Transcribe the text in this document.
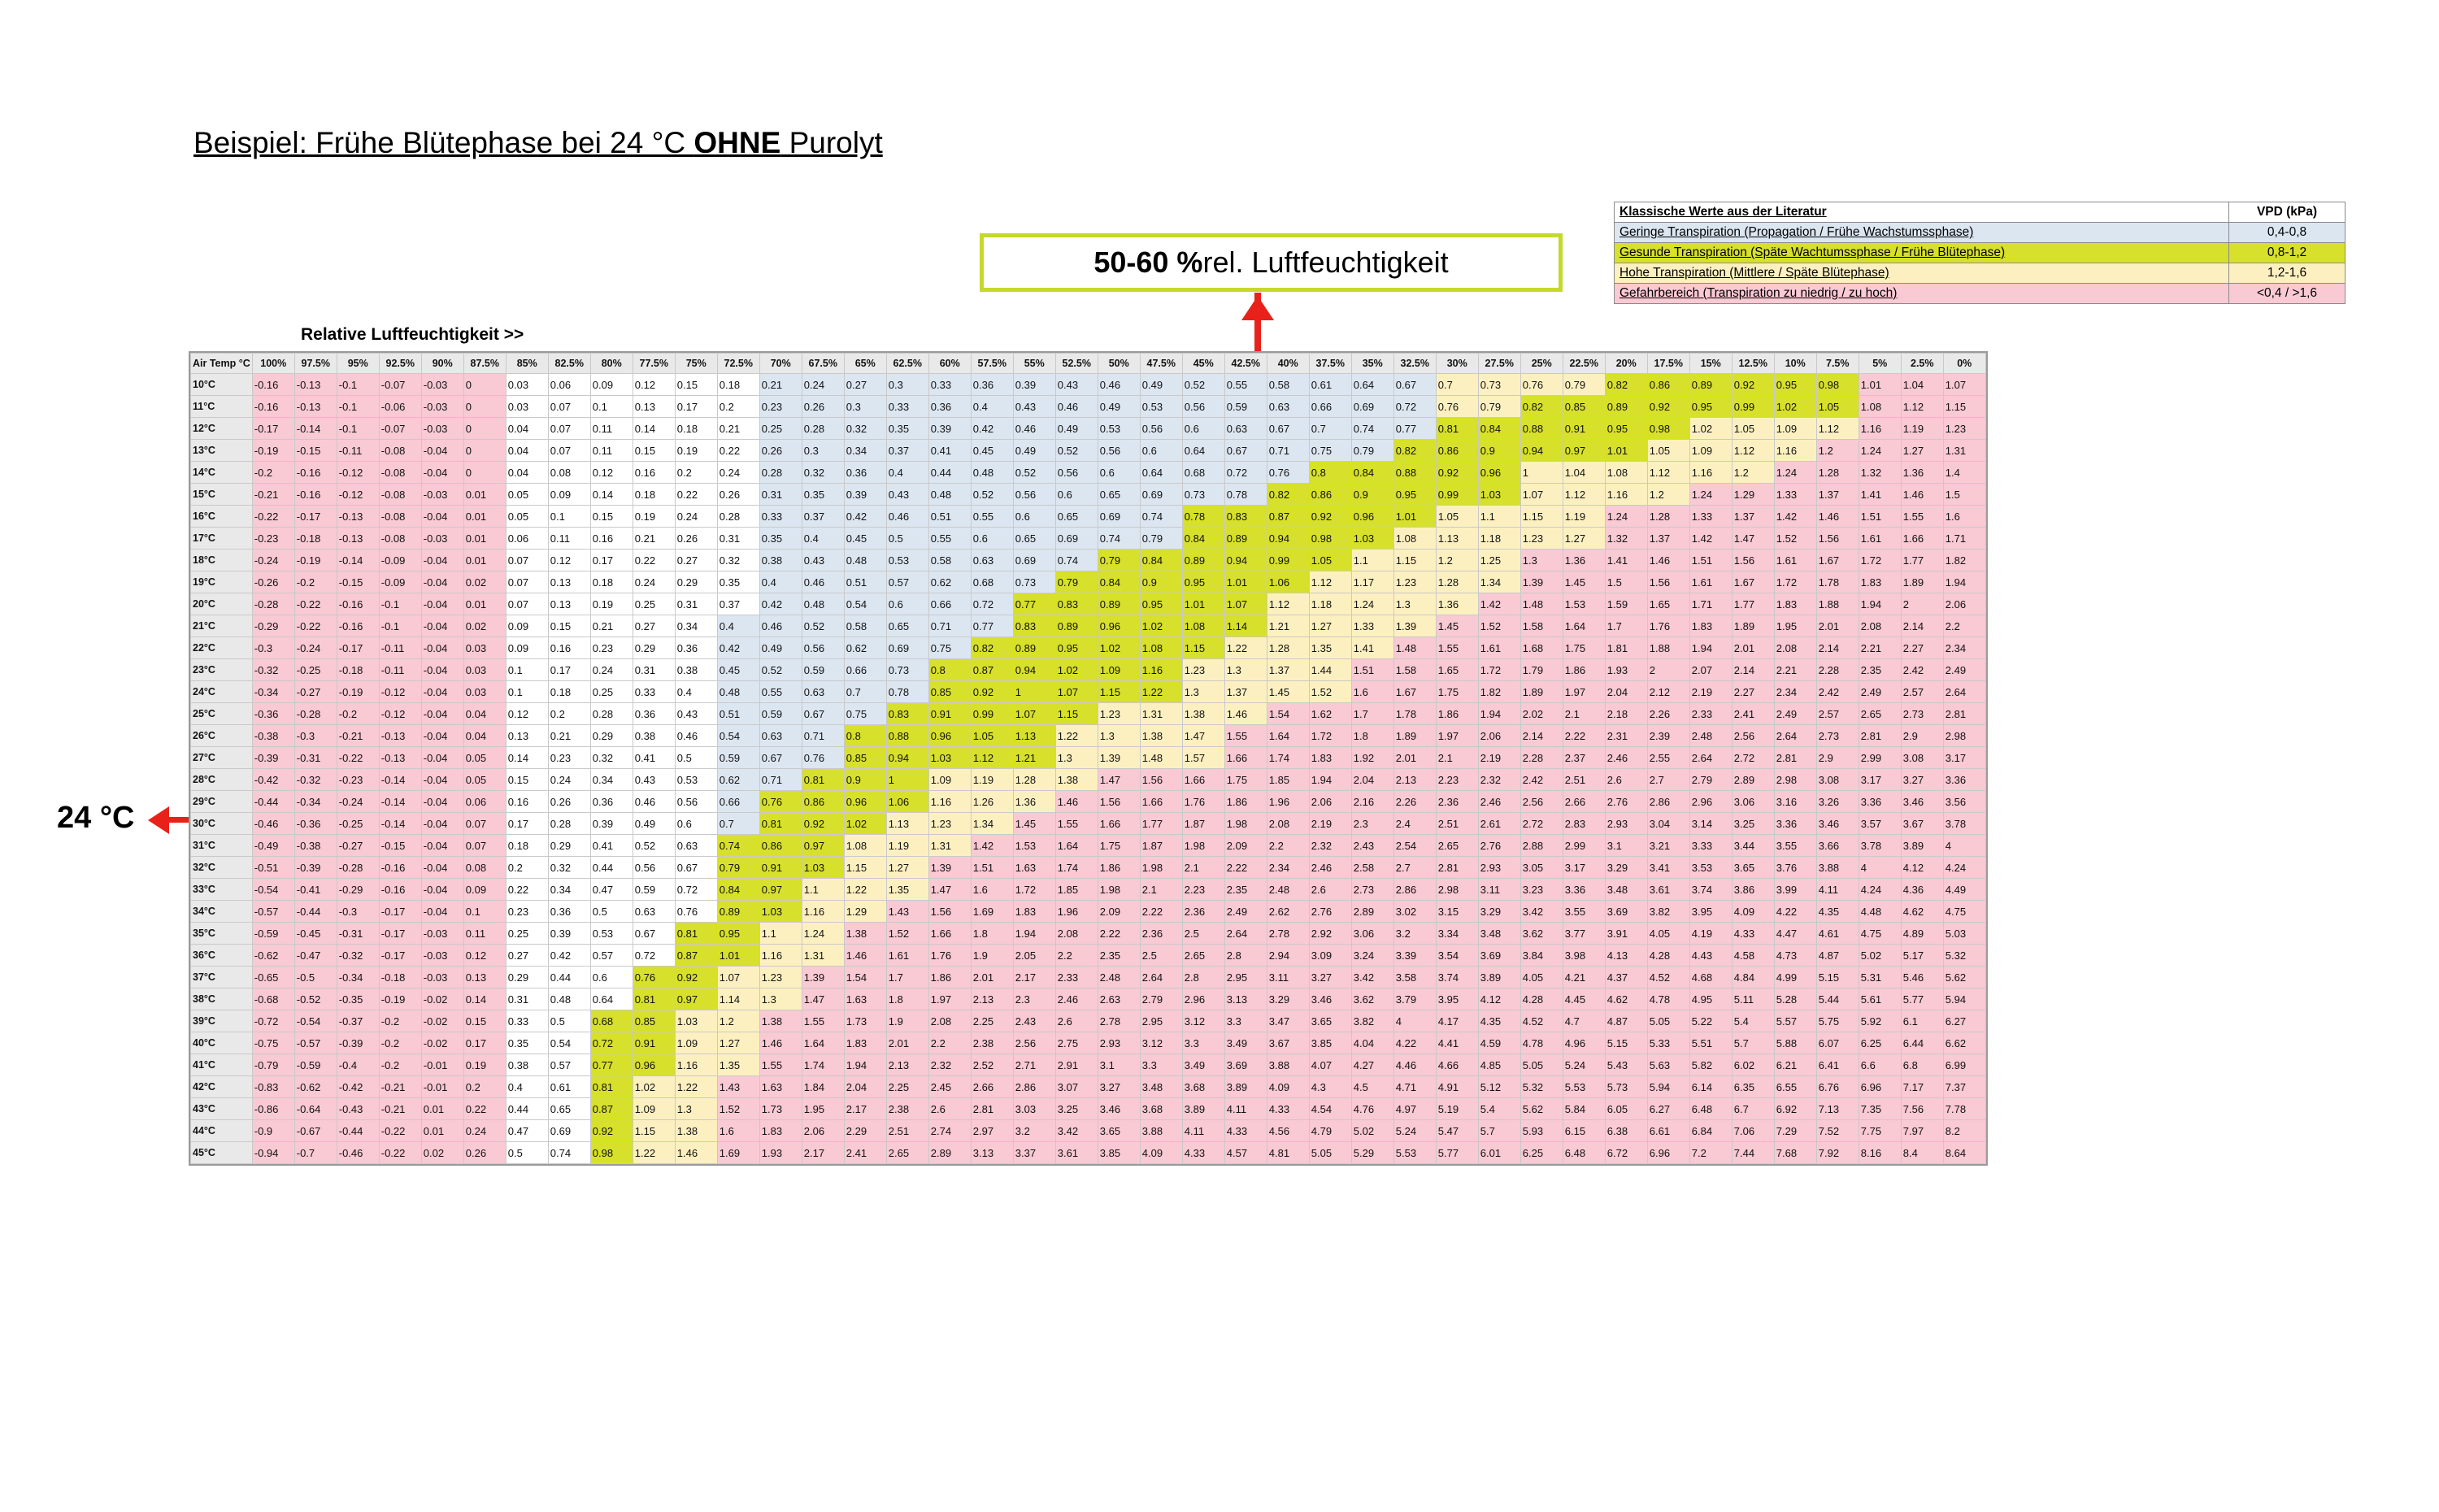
Beispiel: Frühe Blütephase bei 24 °C OHNE Purolyt
50-60 % rel. Luftfeuchtigkeit
24 °C
Klassische Werte aus der Literatur	VPD (kPa)
Geringe Transpiration (Propagation / Frühe Wachstumssphase)	0,4-0,8
Gesunde Transpiration (Späte Wachtumssphase / Frühe Blütephase)	0,8-1,2
Hohe Transpiration (Mittlere / Späte Blütephase)	1,2-1,6
Gefahrbereich (Transpiration zu niedrig / zu hoch)	<0,4 / >1,6
Relative Luftfeuchtigkeit >>
Air Temp °C	100%	97.5%	95%	92.5%	90%	87.5%	85%	82.5%	80%	77.5%	75%	72.5%	70%	67.5%	65%	62.5%	60%	57.5%	55%	52.5%	50%	47.5%	45%	42.5%	40%	37.5%	35%	32.5%	30%	27.5%	25%	22.5%	20%	17.5%	15%	12.5%	10%	7.5%	5%	2.5%	0%
10°C	-0.16	-0.13	-0.1	-0.07	-0.03	0	0.03	0.06	0.09	0.12	0.15	0.18	0.21	0.24	0.27	0.3	0.33	0.36	0.39	0.43	0.46	0.49	0.52	0.55	0.58	0.61	0.64	0.67	0.7	0.73	0.76	0.79	0.82	0.86	0.89	0.92	0.95	0.98	1.01	1.04	1.07
11°C	-0.16	-0.13	-0.1	-0.06	-0.03	0	0.03	0.07	0.1	0.13	0.17	0.2	0.23	0.26	0.3	0.33	0.36	0.4	0.43	0.46	0.49	0.53	0.56	0.59	0.63	0.66	0.69	0.72	0.76	0.79	0.82	0.85	0.89	0.92	0.95	0.99	1.02	1.05	1.08	1.12	1.15
12°C	-0.17	-0.14	-0.1	-0.07	-0.03	0	0.04	0.07	0.11	0.14	0.18	0.21	0.25	0.28	0.32	0.35	0.39	0.42	0.46	0.49	0.53	0.56	0.6	0.63	0.67	0.7	0.74	0.77	0.81	0.84	0.88	0.91	0.95	0.98	1.02	1.05	1.09	1.12	1.16	1.19	1.23
13°C	-0.19	-0.15	-0.11	-0.08	-0.04	0	0.04	0.07	0.11	0.15	0.19	0.22	0.26	0.3	0.34	0.37	0.41	0.45	0.49	0.52	0.56	0.6	0.64	0.67	0.71	0.75	0.79	0.82	0.86	0.9	0.94	0.97	1.01	1.05	1.09	1.12	1.16	1.2	1.24	1.27	1.31
14°C	-0.2	-0.16	-0.12	-0.08	-0.04	0	0.04	0.08	0.12	0.16	0.2	0.24	0.28	0.32	0.36	0.4	0.44	0.48	0.52	0.56	0.6	0.64	0.68	0.72	0.76	0.8	0.84	0.88	0.92	0.96	1	1.04	1.08	1.12	1.16	1.2	1.24	1.28	1.32	1.36	1.4
15°C	-0.21	-0.16	-0.12	-0.08	-0.03	0.01	0.05	0.09	0.14	0.18	0.22	0.26	0.31	0.35	0.39	0.43	0.48	0.52	0.56	0.6	0.65	0.69	0.73	0.78	0.82	0.86	0.9	0.95	0.99	1.03	1.07	1.12	1.16	1.2	1.24	1.29	1.33	1.37	1.41	1.46	1.5
16°C	-0.22	-0.17	-0.13	-0.08	-0.04	0.01	0.05	0.1	0.15	0.19	0.24	0.28	0.33	0.37	0.42	0.46	0.51	0.55	0.6	0.65	0.69	0.74	0.78	0.83	0.87	0.92	0.96	1.01	1.05	1.1	1.15	1.19	1.24	1.28	1.33	1.37	1.42	1.46	1.51	1.55	1.6
17°C	-0.23	-0.18	-0.13	-0.08	-0.03	0.01	0.06	0.11	0.16	0.21	0.26	0.31	0.35	0.4	0.45	0.5	0.55	0.6	0.65	0.69	0.74	0.79	0.84	0.89	0.94	0.98	1.03	1.08	1.13	1.18	1.23	1.27	1.32	1.37	1.42	1.47	1.52	1.56	1.61	1.66	1.71
18°C	-0.24	-0.19	-0.14	-0.09	-0.04	0.01	0.07	0.12	0.17	0.22	0.27	0.32	0.38	0.43	0.48	0.53	0.58	0.63	0.69	0.74	0.79	0.84	0.89	0.94	0.99	1.05	1.1	1.15	1.2	1.25	1.3	1.36	1.41	1.46	1.51	1.56	1.61	1.67	1.72	1.77	1.82
19°C	-0.26	-0.2	-0.15	-0.09	-0.04	0.02	0.07	0.13	0.18	0.24	0.29	0.35	0.4	0.46	0.51	0.57	0.62	0.68	0.73	0.79	0.84	0.9	0.95	1.01	1.06	1.12	1.17	1.23	1.28	1.34	1.39	1.45	1.5	1.56	1.61	1.67	1.72	1.78	1.83	1.89	1.94
20°C	-0.28	-0.22	-0.16	-0.1	-0.04	0.01	0.07	0.13	0.19	0.25	0.31	0.37	0.42	0.48	0.54	0.6	0.66	0.72	0.77	0.83	0.89	0.95	1.01	1.07	1.12	1.18	1.24	1.3	1.36	1.42	1.48	1.53	1.59	1.65	1.71	1.77	1.83	1.88	1.94	2	2.06
21°C	-0.29	-0.22	-0.16	-0.1	-0.04	0.02	0.09	0.15	0.21	0.27	0.34	0.4	0.46	0.52	0.58	0.65	0.71	0.77	0.83	0.89	0.96	1.02	1.08	1.14	1.21	1.27	1.33	1.39	1.45	1.52	1.58	1.64	1.7	1.76	1.83	1.89	1.95	2.01	2.08	2.14	2.2
22°C	-0.3	-0.24	-0.17	-0.11	-0.04	0.03	0.09	0.16	0.23	0.29	0.36	0.42	0.49	0.56	0.62	0.69	0.75	0.82	0.89	0.95	1.02	1.08	1.15	1.22	1.28	1.35	1.41	1.48	1.55	1.61	1.68	1.75	1.81	1.88	1.94	2.01	2.08	2.14	2.21	2.27	2.34
23°C	-0.32	-0.25	-0.18	-0.11	-0.04	0.03	0.1	0.17	0.24	0.31	0.38	0.45	0.52	0.59	0.66	0.73	0.8	0.87	0.94	1.02	1.09	1.16	1.23	1.3	1.37	1.44	1.51	1.58	1.65	1.72	1.79	1.86	1.93	2	2.07	2.14	2.21	2.28	2.35	2.42	2.49
24°C	-0.34	-0.27	-0.19	-0.12	-0.04	0.03	0.1	0.18	0.25	0.33	0.4	0.48	0.55	0.63	0.7	0.78	0.85	0.92	1	1.07	1.15	1.22	1.3	1.37	1.45	1.52	1.6	1.67	1.75	1.82	1.89	1.97	2.04	2.12	2.19	2.27	2.34	2.42	2.49	2.57	2.64
25°C	-0.36	-0.28	-0.2	-0.12	-0.04	0.04	0.12	0.2	0.28	0.36	0.43	0.51	0.59	0.67	0.75	0.83	0.91	0.99	1.07	1.15	1.23	1.31	1.38	1.46	1.54	1.62	1.7	1.78	1.86	1.94	2.02	2.1	2.18	2.26	2.33	2.41	2.49	2.57	2.65	2.73	2.81
26°C	-0.38	-0.3	-0.21	-0.13	-0.04	0.04	0.13	0.21	0.29	0.38	0.46	0.54	0.63	0.71	0.8	0.88	0.96	1.05	1.13	1.22	1.3	1.38	1.47	1.55	1.64	1.72	1.8	1.89	1.97	2.06	2.14	2.22	2.31	2.39	2.48	2.56	2.64	2.73	2.81	2.9	2.98
27°C	-0.39	-0.31	-0.22	-0.13	-0.04	0.05	0.14	0.23	0.32	0.41	0.5	0.59	0.67	0.76	0.85	0.94	1.03	1.12	1.21	1.3	1.39	1.48	1.57	1.66	1.74	1.83	1.92	2.01	2.1	2.19	2.28	2.37	2.46	2.55	2.64	2.72	2.81	2.9	2.99	3.08	3.17
28°C	-0.42	-0.32	-0.23	-0.14	-0.04	0.05	0.15	0.24	0.34	0.43	0.53	0.62	0.71	0.81	0.9	1	1.09	1.19	1.28	1.38	1.47	1.56	1.66	1.75	1.85	1.94	2.04	2.13	2.23	2.32	2.42	2.51	2.6	2.7	2.79	2.89	2.98	3.08	3.17	3.27	3.36
29°C	-0.44	-0.34	-0.24	-0.14	-0.04	0.06	0.16	0.26	0.36	0.46	0.56	0.66	0.76	0.86	0.96	1.06	1.16	1.26	1.36	1.46	1.56	1.66	1.76	1.86	1.96	2.06	2.16	2.26	2.36	2.46	2.56	2.66	2.76	2.86	2.96	3.06	3.16	3.26	3.36	3.46	3.56
30°C	-0.46	-0.36	-0.25	-0.14	-0.04	0.07	0.17	0.28	0.39	0.49	0.6	0.7	0.81	0.92	1.02	1.13	1.23	1.34	1.45	1.55	1.66	1.77	1.87	1.98	2.08	2.19	2.3	2.4	2.51	2.61	2.72	2.83	2.93	3.04	3.14	3.25	3.36	3.46	3.57	3.67	3.78
31°C	-0.49	-0.38	-0.27	-0.15	-0.04	0.07	0.18	0.29	0.41	0.52	0.63	0.74	0.86	0.97	1.08	1.19	1.31	1.42	1.53	1.64	1.75	1.87	1.98	2.09	2.2	2.32	2.43	2.54	2.65	2.76	2.88	2.99	3.1	3.21	3.33	3.44	3.55	3.66	3.78	3.89	4
32°C	-0.51	-0.39	-0.28	-0.16	-0.04	0.08	0.2	0.32	0.44	0.56	0.67	0.79	0.91	1.03	1.15	1.27	1.39	1.51	1.63	1.74	1.86	1.98	2.1	2.22	2.34	2.46	2.58	2.7	2.81	2.93	3.05	3.17	3.29	3.41	3.53	3.65	3.76	3.88	4	4.12	4.24
33°C	-0.54	-0.41	-0.29	-0.16	-0.04	0.09	0.22	0.34	0.47	0.59	0.72	0.84	0.97	1.1	1.22	1.35	1.47	1.6	1.72	1.85	1.98	2.1	2.23	2.35	2.48	2.6	2.73	2.86	2.98	3.11	3.23	3.36	3.48	3.61	3.74	3.86	3.99	4.11	4.24	4.36	4.49
34°C	-0.57	-0.44	-0.3	-0.17	-0.04	0.1	0.23	0.36	0.5	0.63	0.76	0.89	1.03	1.16	1.29	1.43	1.56	1.69	1.83	1.96	2.09	2.22	2.36	2.49	2.62	2.76	2.89	3.02	3.15	3.29	3.42	3.55	3.69	3.82	3.95	4.09	4.22	4.35	4.48	4.62	4.75
35°C	-0.59	-0.45	-0.31	-0.17	-0.03	0.11	0.25	0.39	0.53	0.67	0.81	0.95	1.1	1.24	1.38	1.52	1.66	1.8	1.94	2.08	2.22	2.36	2.5	2.64	2.78	2.92	3.06	3.2	3.34	3.48	3.62	3.77	3.91	4.05	4.19	4.33	4.47	4.61	4.75	4.89	5.03
36°C	-0.62	-0.47	-0.32	-0.17	-0.03	0.12	0.27	0.42	0.57	0.72	0.87	1.01	1.16	1.31	1.46	1.61	1.76	1.9	2.05	2.2	2.35	2.5	2.65	2.8	2.94	3.09	3.24	3.39	3.54	3.69	3.84	3.98	4.13	4.28	4.43	4.58	4.73	4.87	5.02	5.17	5.32
37°C	-0.65	-0.5	-0.34	-0.18	-0.03	0.13	0.29	0.44	0.6	0.76	0.92	1.07	1.23	1.39	1.54	1.7	1.86	2.01	2.17	2.33	2.48	2.64	2.8	2.95	3.11	3.27	3.42	3.58	3.74	3.89	4.05	4.21	4.37	4.52	4.68	4.84	4.99	5.15	5.31	5.46	5.62
38°C	-0.68	-0.52	-0.35	-0.19	-0.02	0.14	0.31	0.48	0.64	0.81	0.97	1.14	1.3	1.47	1.63	1.8	1.97	2.13	2.3	2.46	2.63	2.79	2.96	3.13	3.29	3.46	3.62	3.79	3.95	4.12	4.28	4.45	4.62	4.78	4.95	5.11	5.28	5.44	5.61	5.77	5.94
39°C	-0.72	-0.54	-0.37	-0.2	-0.02	0.15	0.33	0.5	0.68	0.85	1.03	1.2	1.38	1.55	1.73	1.9	2.08	2.25	2.43	2.6	2.78	2.95	3.12	3.3	3.47	3.65	3.82	4	4.17	4.35	4.52	4.7	4.87	5.05	5.22	5.4	5.57	5.75	5.92	6.1	6.27
40°C	-0.75	-0.57	-0.39	-0.2	-0.02	0.17	0.35	0.54	0.72	0.91	1.09	1.27	1.46	1.64	1.83	2.01	2.2	2.38	2.56	2.75	2.93	3.12	3.3	3.49	3.67	3.85	4.04	4.22	4.41	4.59	4.78	4.96	5.15	5.33	5.51	5.7	5.88	6.07	6.25	6.44	6.62
41°C	-0.79	-0.59	-0.4	-0.2	-0.01	0.19	0.38	0.57	0.77	0.96	1.16	1.35	1.55	1.74	1.94	2.13	2.32	2.52	2.71	2.91	3.1	3.3	3.49	3.69	3.88	4.07	4.27	4.46	4.66	4.85	5.05	5.24	5.43	5.63	5.82	6.02	6.21	6.41	6.6	6.8	6.99
42°C	-0.83	-0.62	-0.42	-0.21	-0.01	0.2	0.4	0.61	0.81	1.02	1.22	1.43	1.63	1.84	2.04	2.25	2.45	2.66	2.86	3.07	3.27	3.48	3.68	3.89	4.09	4.3	4.5	4.71	4.91	5.12	5.32	5.53	5.73	5.94	6.14	6.35	6.55	6.76	6.96	7.17	7.37
43°C	-0.86	-0.64	-0.43	-0.21	0.01	0.22	0.44	0.65	0.87	1.09	1.3	1.52	1.73	1.95	2.17	2.38	2.6	2.81	3.03	3.25	3.46	3.68	3.89	4.11	4.33	4.54	4.76	4.97	5.19	5.4	5.62	5.84	6.05	6.27	6.48	6.7	6.92	7.13	7.35	7.56	7.78
44°C	-0.9	-0.67	-0.44	-0.22	0.01	0.24	0.47	0.69	0.92	1.15	1.38	1.6	1.83	2.06	2.29	2.51	2.74	2.97	3.2	3.42	3.65	3.88	4.11	4.33	4.56	4.79	5.02	5.24	5.47	5.7	5.93	6.15	6.38	6.61	6.84	7.06	7.29	7.52	7.75	7.97	8.2
45°C	-0.94	-0.7	-0.46	-0.22	0.02	0.26	0.5	0.74	0.98	1.22	1.46	1.69	1.93	2.17	2.41	2.65	2.89	3.13	3.37	3.61	3.85	4.09	4.33	4.57	4.81	5.05	5.29	5.53	5.77	6.01	6.25	6.48	6.72	6.96	7.2	7.44	7.68	7.92	8.16	8.4	8.64
